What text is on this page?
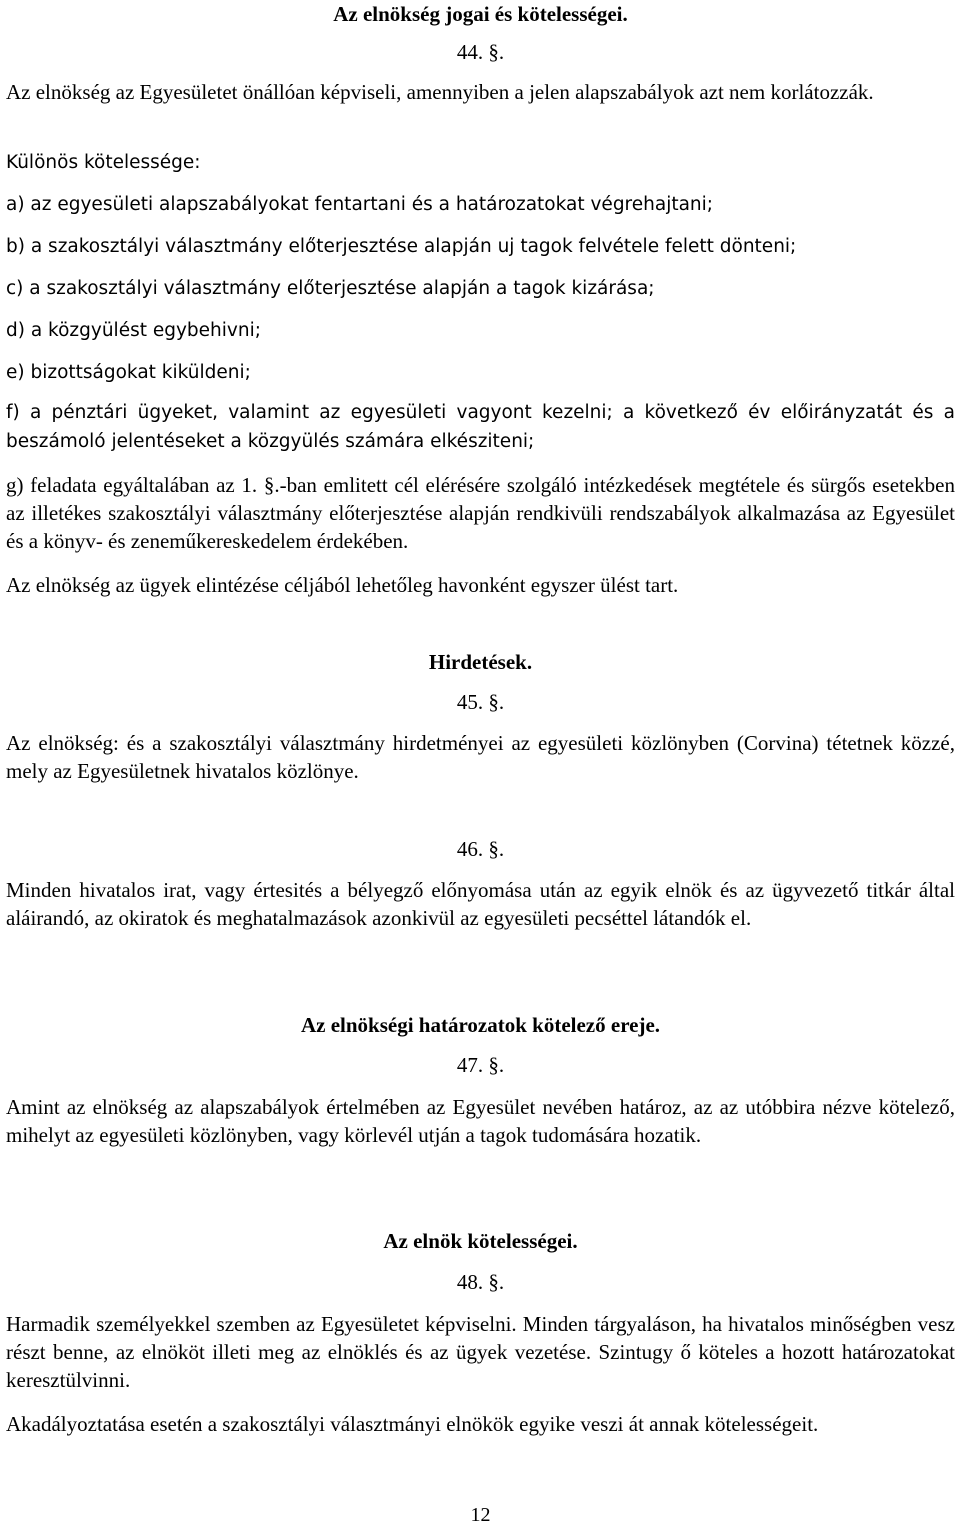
Az elnökség jogai és kötelességei.
44. §.
Az elnökség az Egyesületet önállóan képviseli, amennyiben a jelen alapszabályok azt nem korlátozzák.
Különös kötelessége:
a) az egyesületi alapszabályokat fentartani és a határozatokat végrehajtani;
b) a szakosztályi választmány előterjesztése alapján uj tagok felvétele felett dönteni;
c) a szakosztályi választmány előterjesztése alapján a tagok kizárása;
d) a közgyülést egybehivni;
e) bizottságokat kiküldeni;
f) a pénztári ügyeket, valamint az egyesületi vagyont kezelni; a következő év előirányzatát és a beszámoló jelentéseket a közgyülés számára elkésziteni;
g) feladata egyáltalában az 1. §.-ban emlitett cél elérésére szolgáló intézkedések megtétele és sürgős esetekben az illetékes szakosztályi választmány előterjesztése alapján rendkivüli rendszabályok alkalmazása az Egyesület és a könyv- és zeneműkereskedelem érdekében.
Az elnökség az ügyek elintézése céljából lehetőleg havonként egyszer ülést tart.
Hirdetések.
45. §.
Az elnökség: és a szakosztályi választmány hirdetményei az egyesületi közlönyben (Corvina) tétetnek közzé, mely az Egyesületnek hivatalos közlönye.
46. §.
Minden hivatalos irat, vagy értesités a bélyegző előnyomása után az egyik elnök és az ügyvezető titkár által aláirandó, az okiratok és meghatalmazások azonkivül az egyesületi pecséttel látandók el.
Az elnökségi határozatok kötelező ereje.
47. §.
Amint az elnökség az alapszabályok értelmében az Egyesület nevében határoz, az az utóbbira nézve kötelező, mihelyt az egyesületi közlönyben, vagy körlevél utján a tagok tudomására hozatik.
Az elnök kötelességei.
48. §.
Harmadik személyekkel szemben az Egyesületet képviselni. Minden tárgyaláson, ha hivatalos minőségben vesz részt benne, az elnököt illeti meg az elnöklés és az ügyek vezetése. Szintugy ő köteles a hozott határozatokat keresztülvinni.
Akadályoztatása esetén a szakosztályi választmányi elnökök egyike veszi át annak kötelességeit.
12
